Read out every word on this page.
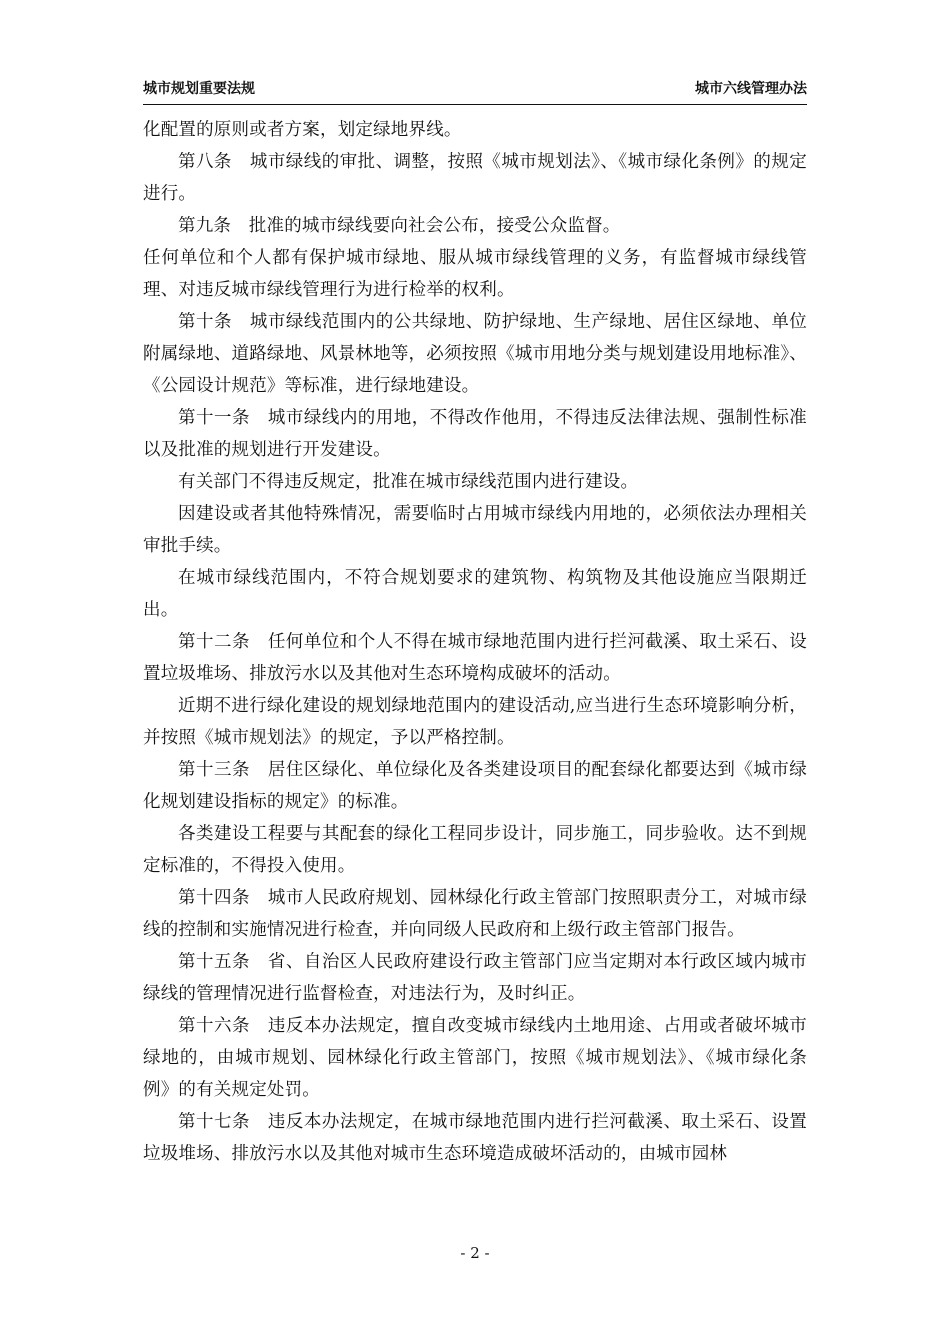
城市规划重要法规	城市六线管理办法

化配置的原则或者方案，划定绿地界线。

第八条　城市绿线的审批、调整，按照《城市规划法》、《城市绿化条例》的规定进行。

第九条　批准的城市绿线要向社会公布，接受公众监督。

任何单位和个人都有保护城市绿地、服从城市绿线管理的义务，有监督城市绿线管理、对违反城市绿线管理行为进行检举的权利。

第十条　城市绿线范围内的公共绿地、防护绿地、生产绿地、居住区绿地、单位附属绿地、道路绿地、风景林地等，必须按照《城市用地分类与规划建设用地标准》、《公园设计规范》等标准，进行绿地建设。

第十一条　城市绿线内的用地，不得改作他用，不得违反法律法规、强制性标准以及批准的规划进行开发建设。

有关部门不得违反规定，批准在城市绿线范围内进行建设。

因建设或者其他特殊情况，需要临时占用城市绿线内用地的，必须依法办理相关审批手续。

在城市绿线范围内，不符合规划要求的建筑物、构筑物及其他设施应当限期迁出。

第十二条　任何单位和个人不得在城市绿地范围内进行拦河截溪、取土采石、设置垃圾堆场、排放污水以及其他对生态环境构成破坏的活动。

近期不进行绿化建设的规划绿地范围内的建设活动,应当进行生态环境影响分析，并按照《城市规划法》的规定，予以严格控制。

第十三条　居住区绿化、单位绿化及各类建设项目的配套绿化都要达到《城市绿化规划建设指标的规定》的标准。

各类建设工程要与其配套的绿化工程同步设计，同步施工，同步验收。达不到规定标准的，不得投入使用。

第十四条　城市人民政府规划、园林绿化行政主管部门按照职责分工，对城市绿线的控制和实施情况进行检查，并向同级人民政府和上级行政主管部门报告。

第十五条　省、自治区人民政府建设行政主管部门应当定期对本行政区域内城市绿线的管理情况进行监督检查，对违法行为，及时纠正。

第十六条　违反本办法规定，擅自改变城市绿线内土地用途、占用或者破坏城市绿地的，由城市规划、园林绿化行政主管部门，按照《城市规划法》、《城市绿化条例》的有关规定处罚。

第十七条　违反本办法规定，在城市绿地范围内进行拦河截溪、取土采石、设置垃圾堆场、排放污水以及其他对城市生态环境造成破坏活动的，由城市园林

- 2 -
